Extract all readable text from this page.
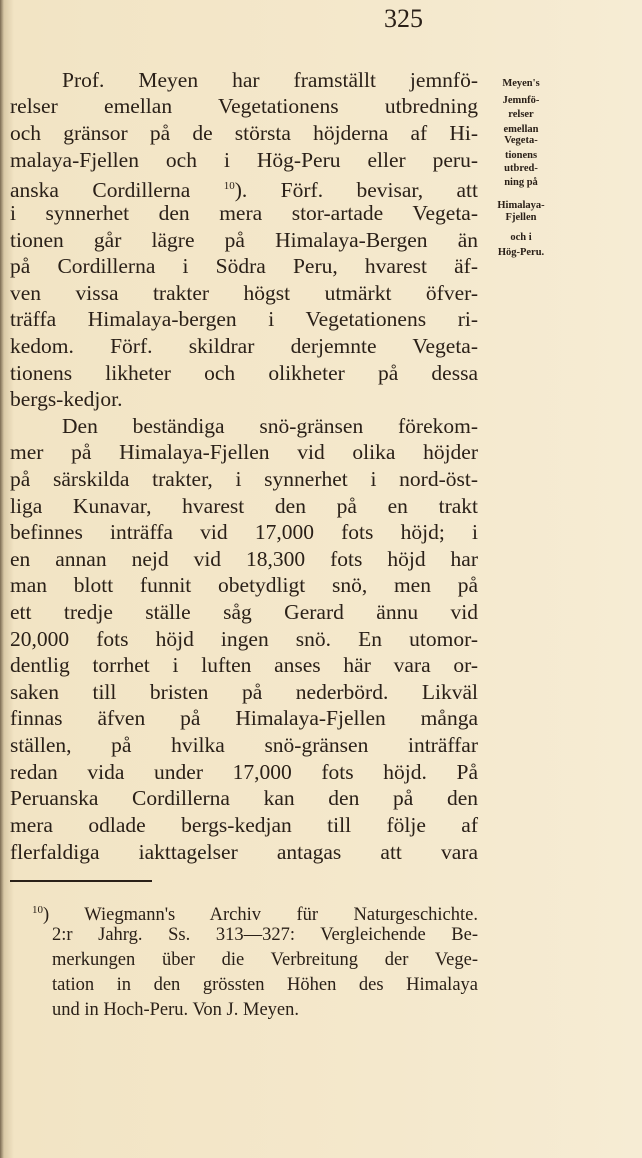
325
Prof. Meyen har framställt jemnfö-
relser emellan Vegetationens utbredning
och gränsor på de största höjderna af Hi-
malaya-Fjellen och i Hög-Peru eller peru-
anska Cordillerna	$^{10}$). Förf. bevisar, att
i synnerhet den mera stor-artade Vegeta-
tionen går lägre på Himalaya-Bergen än
på Cordillerna i Södra Peru, hvarest äf-
ven vissa trakter högst utmärkt öfver-
träffa Himalaya-bergen i Vegetationens ri-
kedom. Förf. skildrar derjemnte Vegeta-
tionens likheter och olikheter på dessa
bergs-kedjor.
Den beständiga snö-gränsen förekom-
mer på Himalaya-Fjellen vid olika höjder
på särskilda trakter, i synnerhet i nord-öst-
liga Kunavar, hvarest den på en trakt
befinnes inträffa vid 17,000 fots höjd; i
en annan nejd vid 18,300 fots höjd har
man blott funnit obetydligt snö, men på
ett tredje ställe såg Gerard ännu vid
20,000 fots höjd ingen snö. En utomor-
dentlig torrhet i luften anses här vara or-
saken till bristen på nederbörd. Likväl
finnas äfven på Himalaya-Fjellen många
ställen, på hvilka snö-gränsen inträffar
redan vida under 17,000 fots höjd. På
Peruanska Cordillerna kan den på den
mera odlade bergs-kedjan till följe af
flerfaldiga iakttagelser antagas att vara
Meyen's
Jemnfö-
relser
emellan
Vegeta-
tionens
utbred-
ning på
Himalaya-
Fjellen
och i
Hög-Peru.
$^{10}$) Wiegmann's Archiv für Naturgeschichte.
2:r Jahrg. Ss. 313—327: Vergleichende Be-
merkungen über die Verbreitung der Vege-
tation in den grössten Höhen des Himalaya
und in Hoch-Peru. Von J. Meyen.
